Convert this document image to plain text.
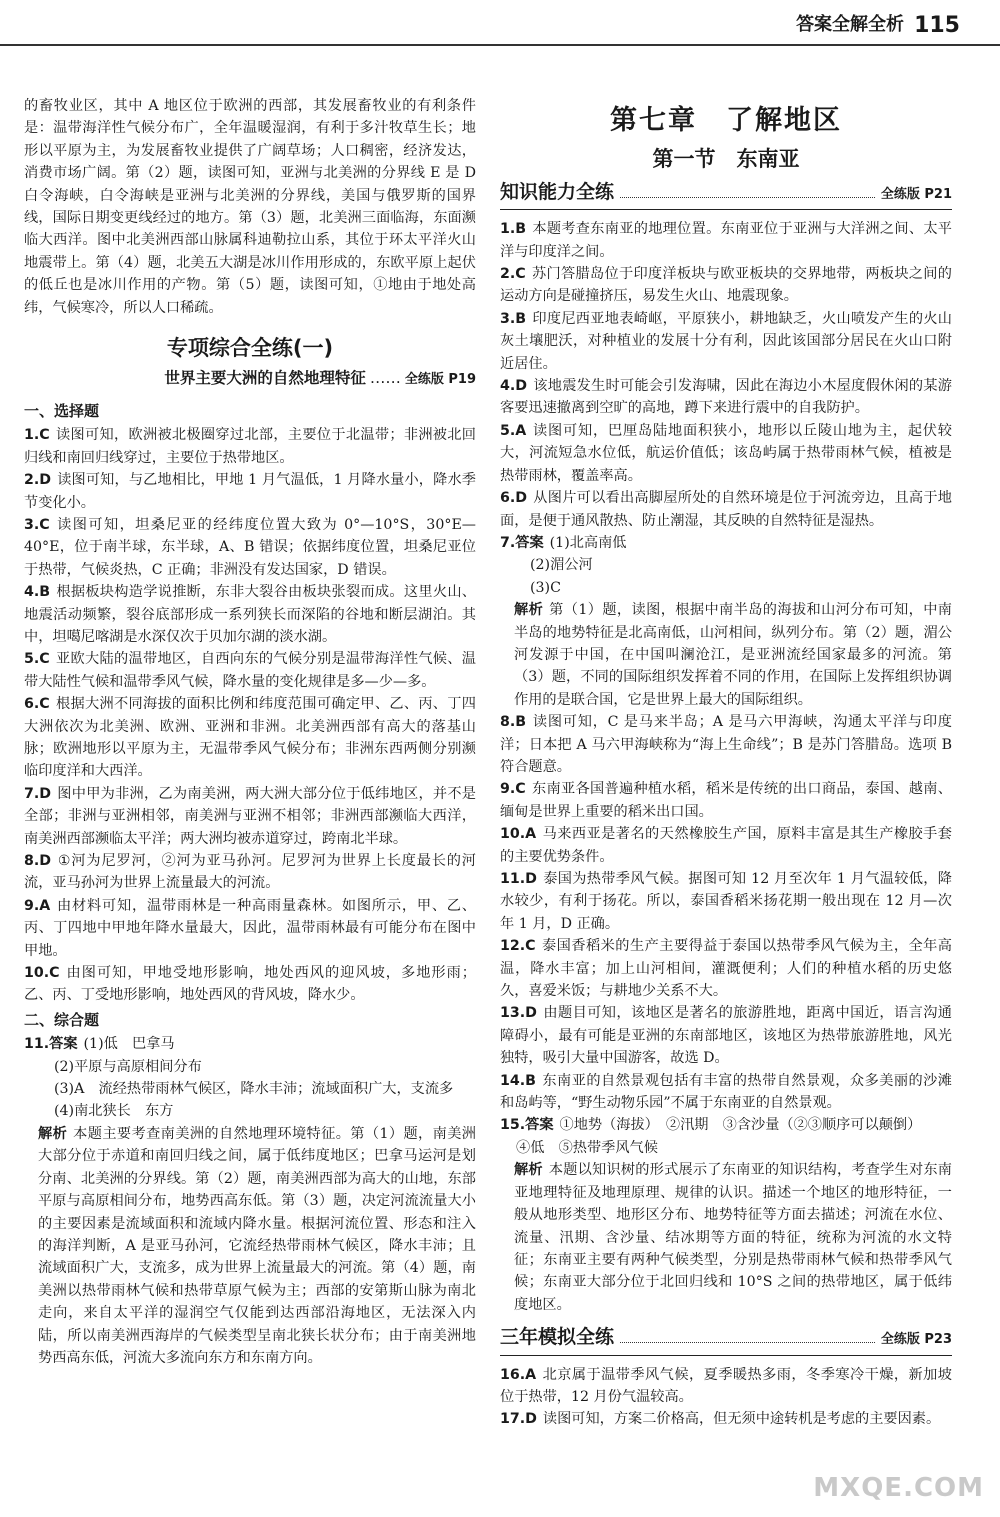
答案全解全析 115

的畜牧业区，其中 A 地区位于欧洲的西部，其发展畜牧业的有利条件是：温带海洋性气候分布广，全年温暖湿润，有利于多汁牧草生长；地形以平原为主，为发展畜牧业提供了广阔草场；人口稠密，经济发达，消费市场广阔。第（2）题，读图可知，亚洲与北美洲的分界线 E 是 D 白令海峡，白令海峡是亚洲与北美洲的分界线，美国与俄罗斯的国界线，国际日期变更线经过的地方。第（3）题，北美洲三面临海，东面濒临大西洋。图中北美洲西部山脉属科迪勒拉山系，其位于环太平洋火山地震带上。第（4）题，北美五大湖是冰川作用形成的，东欧平原上起伏的低丘也是冰川作用的产物。第（5）题，读图可知，①地由于地处高纬，气候寒冷，所以人口稀疏。

专项综合全练(一)
世界主要大洲的自然地理特征 …… 全练版 P19
一、选择题

1.C 读图可知，欧洲被北极圈穿过北部，主要位于北温带；非洲被北回归线和南回归线穿过，主要位于热带地区。

2.D 读图可知，与乙地相比，甲地 1 月气温低，1 月降水量小，降水季节变化小。

3.C 读图可知，坦桑尼亚的经纬度位置大致为 0°—10°S，30°E—40°E，位于南半球，东半球，A、B 错误；依据纬度位置，坦桑尼亚位于热带，气候炎热，C 正确；非洲没有发达国家，D 错误。

4.B 根据板块构造学说推断，东非大裂谷由板块张裂而成。这里火山、地震活动频繁，裂谷底部形成一系列狭长而深陷的谷地和断层湖泊。其中，坦噶尼喀湖是水深仅次于贝加尔湖的淡水湖。

5.C 亚欧大陆的温带地区，自西向东的气候分别是温带海洋性气候、温带大陆性气候和温带季风气候，降水量的变化规律是多—少—多。

6.C 根据大洲不同海拔的面积比例和纬度范围可确定甲、乙、丙、丁四大洲依次为北美洲、欧洲、亚洲和非洲。北美洲西部有高大的落基山脉；欧洲地形以平原为主，无温带季风气候分布；非洲东西两侧分别濒临印度洋和大西洋。

7.D 图中甲为非洲，乙为南美洲，两大洲大部分位于低纬地区，并不是全部；非洲与亚洲相邻，南美洲与亚洲不相邻；非洲西部濒临大西洋，南美洲西部濒临太平洋；两大洲均被赤道穿过，跨南北半球。

8.D ①河为尼罗河，②河为亚马孙河。尼罗河为世界上长度最长的河流，亚马孙河为世界上流量最大的河流。

9.A 由材料可知，温带雨林是一种高雨量森林。如图所示，甲、乙、丙、丁四地中甲地年降水量最大，因此，温带雨林最有可能分布在图中甲地。

10.C 由图可知，甲地受地形影响，地处西风的迎风坡，多地形雨；乙、丙、丁受地形影响，地处西风的背风坡，降水少。

二、综合题
11.答案 (1)低　巴拿马
(2)平原与高原相间分布
(3)A　流经热带雨林气候区，降水丰沛；流域面积广大，支流多
(4)南北狭长　东方

解析 本题主要考查南美洲的自然地理环境特征。第（1）题，南美洲大部分位于赤道和南回归线之间，属于低纬度地区；巴拿马运河是划分南、北美洲的分界线。第（2）题，南美洲西部为高大的山地，东部平原与高原相间分布，地势西高东低。第（3）题，决定河流流量大小的主要因素是流域面积和流域内降水量。根据河流位置、形态和注入的海洋判断，A 是亚马孙河，它流经热带雨林气候区，降水丰沛；且流域面积广大，支流多，成为世界上流量最大的河流。第（4）题，南美洲以热带雨林气候和热带草原气候为主；西部的安第斯山脉为南北走向，来自太平洋的湿润空气仅能到达西部沿海地区，无法深入内陆，所以南美洲西海岸的气候类型呈南北狭长状分布；由于南美洲地势西高东低，河流大多流向东方和东南方向。

第七章　了解地区
第一节　东南亚
知识能力全练	全练版 P21

1.B 本题考查东南亚的地理位置。东南亚位于亚洲与大洋洲之间、太平洋与印度洋之间。

2.C 苏门答腊岛位于印度洋板块与欧亚板块的交界地带，两板块之间的运动方向是碰撞挤压，易发生火山、地震现象。

3.B 印度尼西亚地表崎岖，平原狭小，耕地缺乏，火山喷发产生的火山灰土壤肥沃，对种植业的发展十分有利，因此该国部分居民在火山口附近居住。

4.D 该地震发生时可能会引发海啸，因此在海边小木屋度假休闲的某游客要迅速撤离到空旷的高地，蹲下来进行震中的自我防护。

5.A 读图可知，巴厘岛陆地面积狭小，地形以丘陵山地为主，起伏较大，河流短急水位低，航运价值低；该岛屿属于热带雨林气候，植被是热带雨林，覆盖率高。

6.D 从图片可以看出高脚屋所处的自然环境是位于河流旁边，且高于地面，是便于通风散热、防止潮湿，其反映的自然特征是湿热。

7.答案 (1)北高南低
(2)湄公河
(3)C

解析 第（1）题，读图，根据中南半岛的海拔和山河分布可知，中南半岛的地势特征是北高南低，山河相间，纵列分布。第（2）题，湄公河发源于中国，在中国叫澜沧江，是亚洲流经国家最多的河流。第（3）题，不同的国际组织发挥着不同的作用，在国际上发挥组织协调作用的是联合国，它是世界上最大的国际组织。

8.B 读图可知，C 是马来半岛；A 是马六甲海峡，沟通太平洋与印度洋；日本把 A 马六甲海峡称为“海上生命线”；B 是苏门答腊岛。选项 B 符合题意。

9.C 东南亚各国普遍种植水稻，稻米是传统的出口商品，泰国、越南、缅甸是世界上重要的稻米出口国。

10.A 马来西亚是著名的天然橡胶生产国，原料丰富是其生产橡胶手套的主要优势条件。

11.D 泰国为热带季风气候。据图可知 12 月至次年 1 月气温较低，降水较少，有利于扬花。所以，泰国香稻米扬花期一般出现在 12 月—次年 1 月，D 正确。

12.C 泰国香稻米的生产主要得益于泰国以热带季风气候为主，全年高温，降水丰富；加上山河相间，灌溉便利；人们的种植水稻的历史悠久，喜爱米饭；与耕地少关系不大。

13.D 由题目可知，该地区是著名的旅游胜地，距离中国近，语言沟通障碍小，最有可能是亚洲的东南部地区，该地区为热带旅游胜地，风光独特，吸引大量中国游客，故选 D。

14.B 东南亚的自然景观包括有丰富的热带自然景观，众多美丽的沙滩和岛屿等，“野生动物乐园”不属于东南亚的自然景观。

15.答案 ①地势（海拔）　②汛期　③含沙量（②③顺序可以颠倒）
④低　⑤热带季风气候

解析 本题以知识树的形式展示了东南亚的知识结构，考查学生对东南亚地理特征及地理原理、规律的认识。描述一个地区的地形特征，一般从地形类型、地形区分布、地势特征等方面去描述；河流在水位、流量、汛期、含沙量、结冰期等方面的特征，统称为河流的水文特征；东南亚主要有两种气候类型，分别是热带雨林气候和热带季风气候；东南亚大部分位于北回归线和 10°S 之间的热带地区，属于低纬度地区。

三年模拟全练	全练版 P23

16.A 北京属于温带季风气候，夏季暖热多雨，冬季寒冷干燥，新加坡位于热带，12 月份气温较高。

17.D 读图可知，方案二价格高，但无须中途转机是考虑的主要因素。

MXQE.COM
